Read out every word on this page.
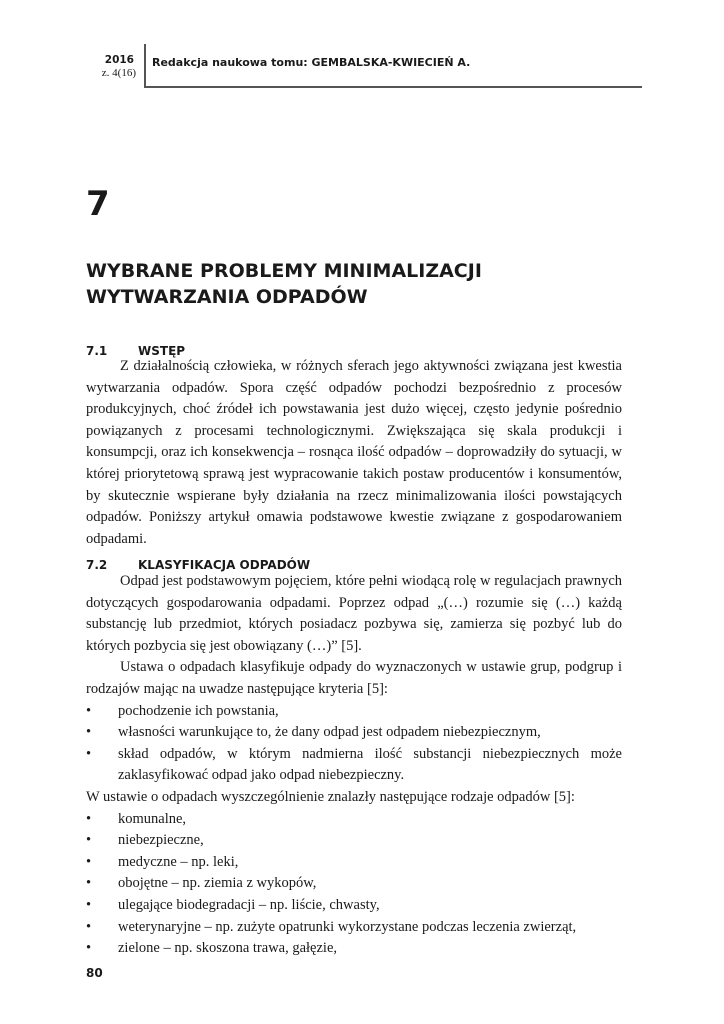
2016
z. 4(16)
Redakcja naukowa tomu: GEMBALSKA-KWIECIEŃ A.
7
WYBRANE PROBLEMY MINIMALIZACJI
WYTWARZANIA ODPADÓW
7.1	WSTĘP

Z działalnością człowieka, w różnych sferach jego aktywności związana jest kwestia wytwarzania odpadów. Spora część odpadów pochodzi bezpośrednio z procesów produkcyjnych, choć źródeł ich powstawania jest dużo więcej, często jedynie pośrednio powiązanych z procesami technologicznymi. Zwiększająca się skala produkcji i konsumpcji, oraz ich konsekwencja – rosnąca ilość odpadów – doprowadziły do sytuacji, w której priorytetową sprawą jest wypracowanie takich postaw producentów i konsumentów, by skutecznie wspierane były działania na rzecz minimalizowania ilości powstających odpadów. Poniższy artykuł omawia podstawowe kwestie związane z gospodarowaniem odpadami.

7.2	KLASYFIKACJA ODPADÓW

Odpad jest podstawowym pojęciem, które pełni wiodącą rolę w regulacjach prawnych dotyczących gospodarowania odpadami. Poprzez odpad „(…) rozumie się (…) każdą substancję lub przedmiot, których posiadacz pozbywa się, zamierza się pozbyć lub do których pozbycia się jest obowiązany (…)” [5].

Ustawa o odpadach klasyfikuje odpady do wyznaczonych w ustawie grup, podgrup i rodzajów mając na uwadze następujące kryteria [5]:

• pochodzenie ich powstania,
• własności warunkujące to, że dany odpad jest odpadem niebezpiecznym,
• skład odpadów, w którym nadmierna ilość substancji niebezpiecznych może zaklasyfikować odpad jako odpad niebezpieczny.

W ustawie o odpadach wyszczególnienie znalazły następujące rodzaje odpadów [5]:

• komunalne,
• niebezpieczne,
• medyczne – np. leki,
• obojętne – np. ziemia z wykopów,
• ulegające biodegradacji – np. liście, chwasty,
• weterynaryjne – np. zużyte opatrunki wykorzystane podczas leczenia zwierząt,
• zielone – np. skoszona trawa, gałęzie,
80
